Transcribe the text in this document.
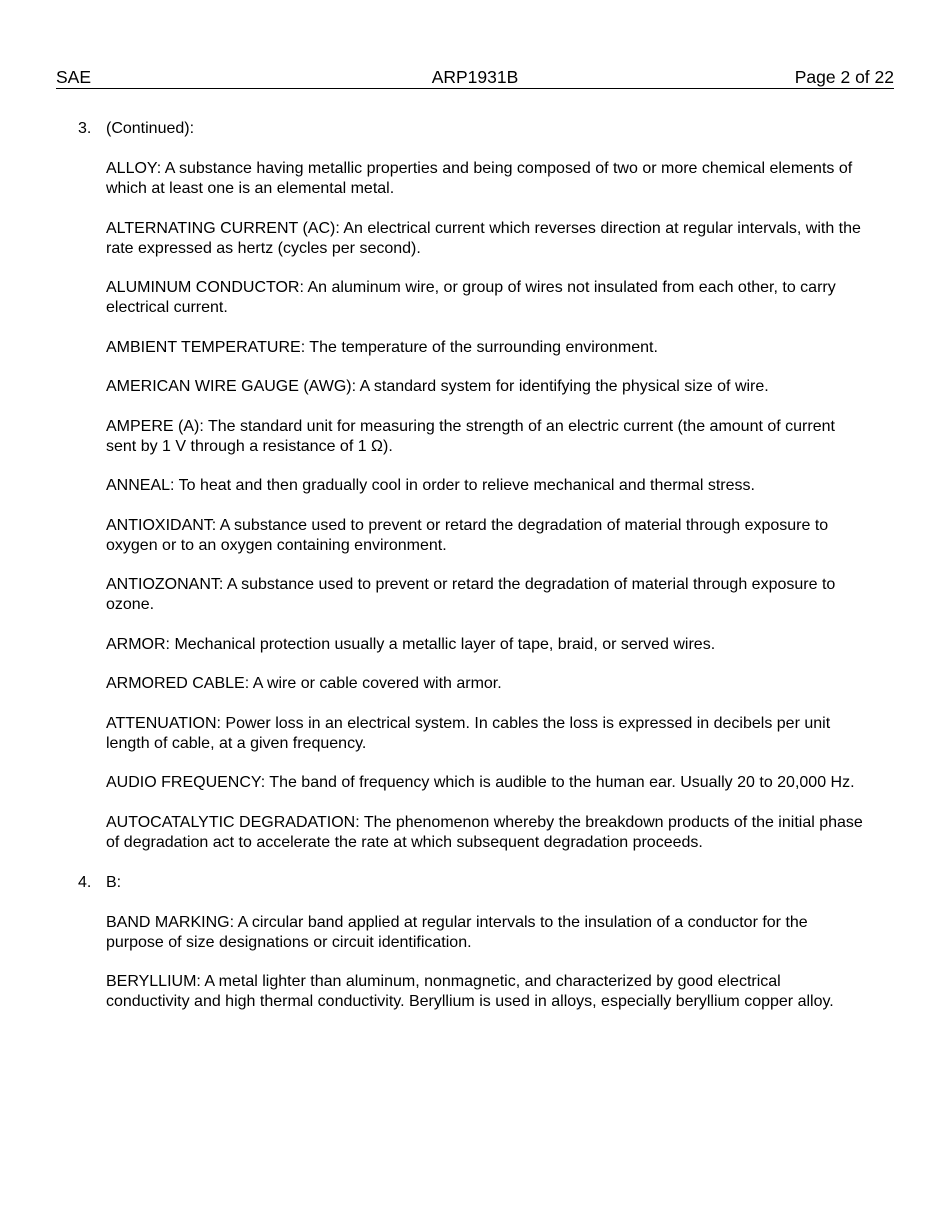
SAE	ARP1931B	Page 2 of 22
3. (Continued):

ALLOY: A substance having metallic properties and being composed of two or more chemical elements of which at least one is an elemental metal.

ALTERNATING CURRENT (AC): An electrical current which reverses direction at regular intervals, with the rate expressed as hertz (cycles per second).

ALUMINUM CONDUCTOR: An aluminum wire, or group of wires not insulated from each other, to carry electrical current.

AMBIENT TEMPERATURE: The temperature of the surrounding environment.

AMERICAN WIRE GAUGE (AWG): A standard system for identifying the physical size of wire.

AMPERE (A): The standard unit for measuring the strength of an electric current (the amount of current sent by 1 V through a resistance of 1 Ω).

ANNEAL: To heat and then gradually cool in order to relieve mechanical and thermal stress.

ANTIOXIDANT: A substance used to prevent or retard the degradation of material through exposure to oxygen or to an oxygen containing environment.

ANTIOZONANT: A substance used to prevent or retard the degradation of material through exposure to ozone.

ARMOR: Mechanical protection usually a metallic layer of tape, braid, or served wires.

ARMORED CABLE: A wire or cable covered with armor.

ATTENUATION: Power loss in an electrical system. In cables the loss is expressed in decibels per unit length of cable, at a given frequency.

AUDIO FREQUENCY: The band of frequency which is audible to the human ear. Usually 20 to 20,000 Hz.

AUTOCATALYTIC DEGRADATION: The phenomenon whereby the breakdown products of the initial phase of degradation act to accelerate the rate at which subsequent degradation proceeds.

4. B:

BAND MARKING: A circular band applied at regular intervals to the insulation of a conductor for the purpose of size designations or circuit identification.

BERYLLIUM: A metal lighter than aluminum, nonmagnetic, and characterized by good electrical conductivity and high thermal conductivity. Beryllium is used in alloys, especially beryllium copper alloy.
